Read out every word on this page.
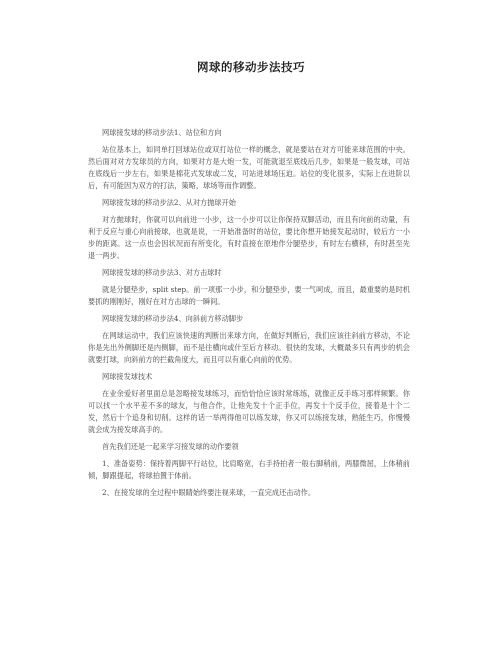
网球的移动步法技巧

网球接发球的移动步法1、站位和方向

站位基本上，如同单打回球站位或双打站位一样的概念，就是要站在对方可能来球范围的中央。然后面对对方发球员的方向，如果对方是大炮一发，可能就退至底线后几步，如果是一般发球，可站在底线后一步左右，如果是棉花式发球或二发，可站进球场压迫。站位的变化很多，实际上在进阶以后，有可能因为双方的打法，策略，球场等而作调整。

网球接发球的移动步法2、从对方抛球开始

对方抛球时，你就可以向前进一小步，这一小步可以让你保持双脚活动，而且有向前的动量，有利于反应与重心向前接球，也就是说，一开始准备时的站位，要比你想开始接发起动时，较后方一小步的距离。这一点也会因状况而有所变化，有时直接在原地作分腿垫步，有时左右横移，有时甚至先退一两步。

网球接发球的移动步法3、对方击球时

就是分腿垫步，split step。前一项那一小步，和分腿垫步，要一气呵成，而且，最重要的是时机要抓的刚刚好，刚好在对方击球的一瞬间。

网球接发球的移动步法4、向斜前方移动脚步

在网球运动中，我们应该快速的判断出来球方向，在做好判断后，我们应该往斜前方移动，不论你是先出外侧脚还是内侧脚，而不是往横向或什至后方移动。很快的发球，大概最多只有两步的机会就要打球，向斜前方的拦截角度大，而且可以有重心向前的优势。

网球接发球技术

在业余爱好者里面总是忽略接发球练习，而恰恰恰应该时常练练，就像正反手练习那样频繁。你可以找一个水平差不多的球友，与他合作，让他先发十个正手位，再发十个反手位，接着是十个二发，然后十个追身和切削。这样的话一举两得他可以练发球，你又可以练接发球，熟能生巧，你慢慢就会成为接发球高手的。

首先我们还是一起来学习接发球的动作要领

1、准备姿势：保持着两脚平行站位，比肩略宽，右手持拍者一般右脚稍前，两膝微屈，上体稍前倾，脚跟提起，将球拍置于体前。

2、在接发球的全过程中眼睛始终要注视来球，一直完成还击动作。
